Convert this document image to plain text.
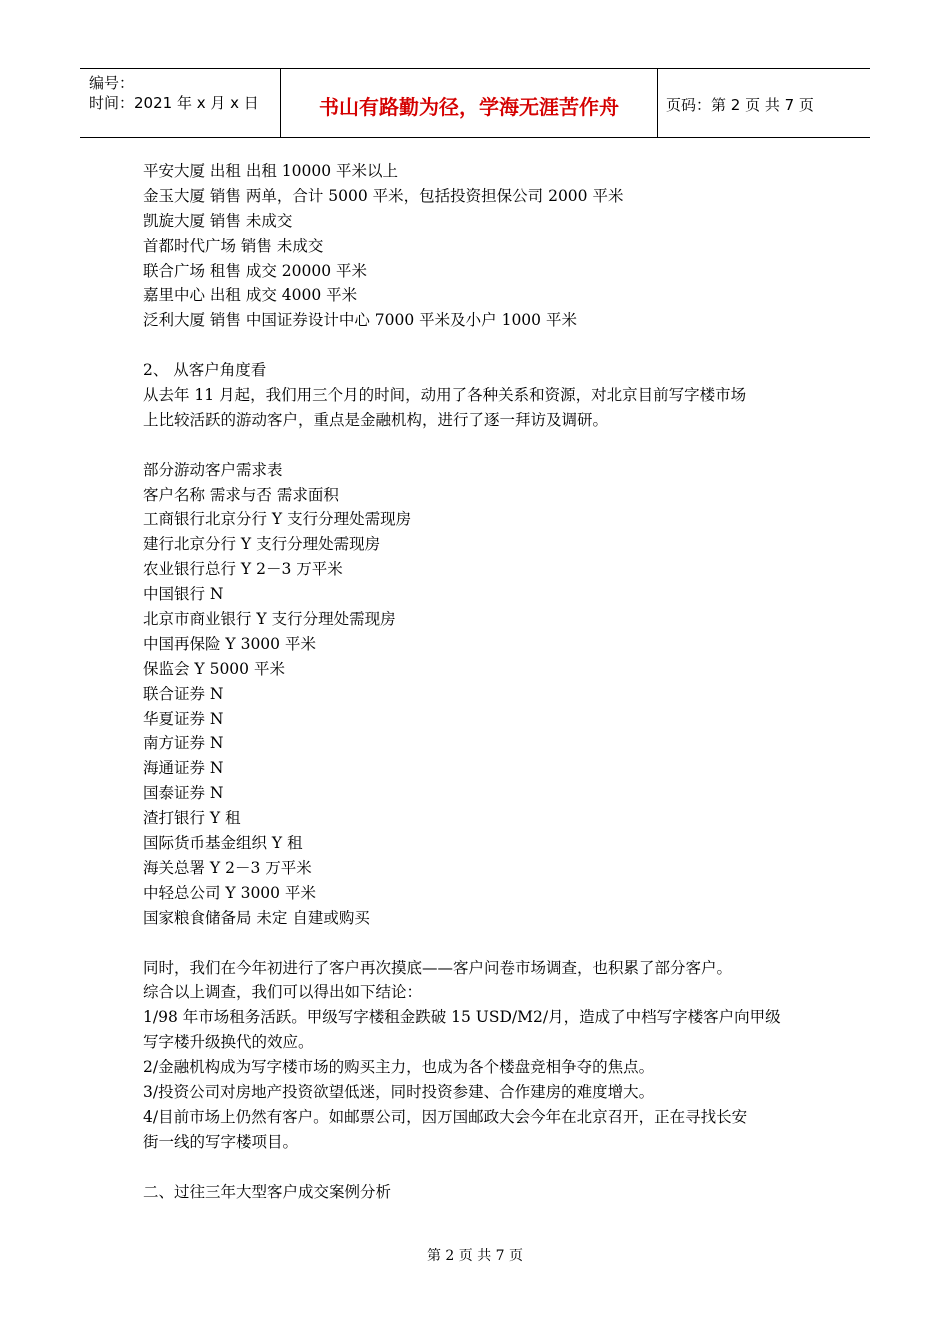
编号：
时间：2021 年 x 月 x 日	书山有路勤为径，学海无涯苦作舟	页码：第 2 页 共 7 页
平安大厦 出租 出租 10000 平米以上
金玉大厦 销售 两单，合计 5000 平米，包括投资担保公司 2000 平米
凯旋大厦 销售 未成交
首都时代广场 销售 未成交
联合广场 租售 成交 20000 平米
嘉里中心 出租 成交 4000 平米
泛利大厦 销售 中国证券设计中心 7000 平米及小户 1000 平米
2、 从客户角度看
从去年 11 月起，我们用三个月的时间，动用了各种关系和资源，对北京目前写字楼市场
上比较活跃的游动客户，重点是金融机构，进行了逐一拜访及调研。
部分游动客户需求表
客户名称 需求与否 需求面积
工商银行北京分行 Y 支行分理处需现房
建行北京分行 Y 支行分理处需现房
农业银行总行 Y 2－3 万平米
中国银行 N
北京市商业银行 Y 支行分理处需现房
中国再保险 Y 3000 平米
保监会 Y 5000 平米
联合证券 N
华夏证券 N
南方证券 N
海通证券 N
国泰证券 N
渣打银行 Y 租
国际货币基金组织 Y 租
海关总署 Y 2－3 万平米
中轻总公司 Y 3000 平米
国家粮食储备局 未定 自建或购买
同时，我们在今年初进行了客户再次摸底——客户问卷市场调查，也积累了部分客户。
综合以上调查，我们可以得出如下结论：
1/98 年市场租务活跃。甲级写字楼租金跌破 15 USD/M2/月，造成了中档写字楼客户向甲级
写字楼升级换代的效应。
2/金融机构成为写字楼市场的购买主力，也成为各个楼盘竞相争夺的焦点。
3/投资公司对房地产投资欲望低迷，同时投资参建、合作建房的难度增大。
4/目前市场上仍然有客户。如邮票公司，因万国邮政大会今年在北京召开，正在寻找长安
街一线的写字楼项目。
二、过往三年大型客户成交案例分析
第 2 页 共 7 页
